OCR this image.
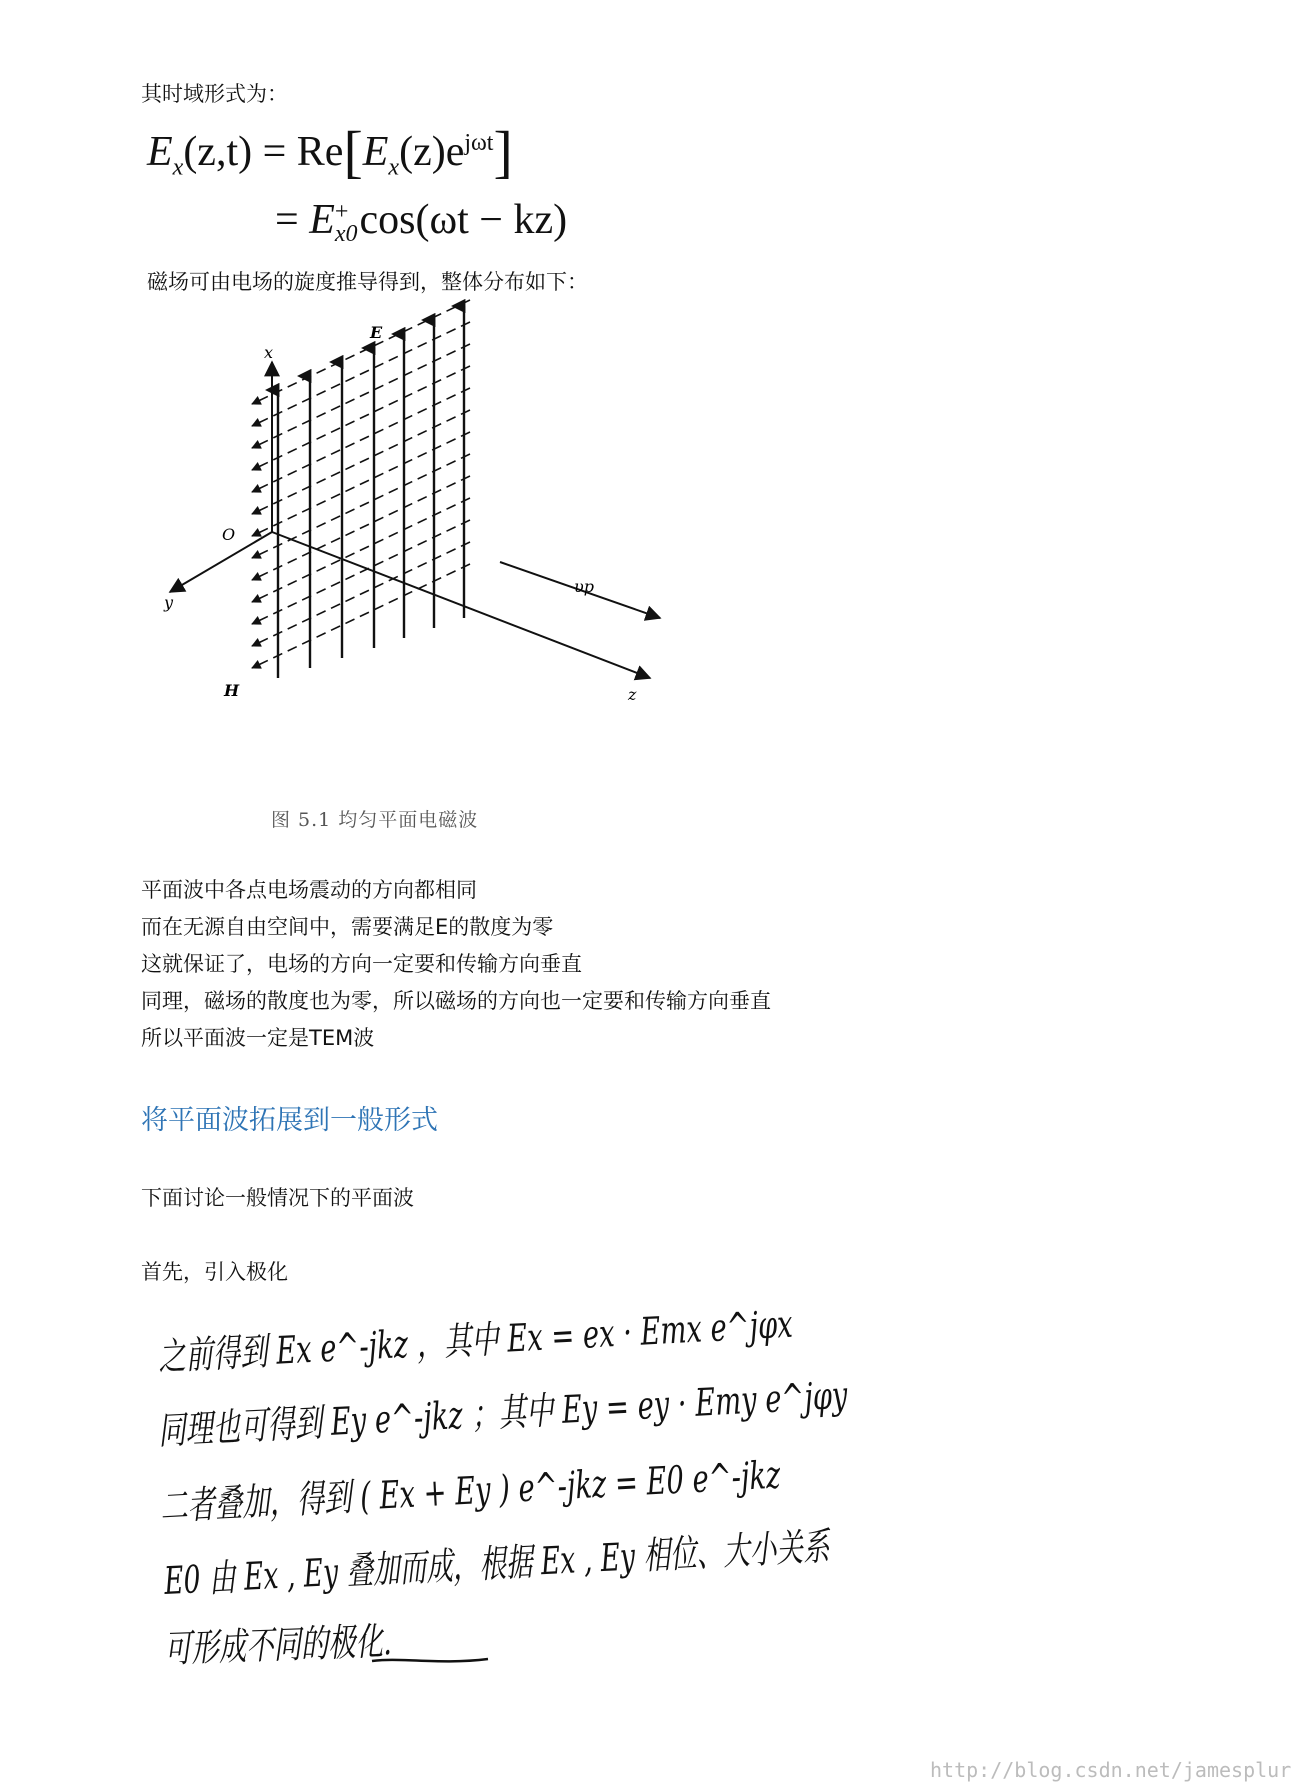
其时域形式为：
$E_x(z,t) = Re[E_x(z)e^{j\omega t}]$
= E +
x0 cos(ωt − kz)
磁场可由电场的旋度推导得到，整体分布如下：
x
E
O
y
υp
z
H
图 5.1 均匀平面电磁波
平面波中各点电场震动的方向都相同
而在无源自由空间中，需要满足E的散度为零
这就保证了，电场的方向一定要和传输方向垂直
同理，磁场的散度也为零，所以磁场的方向也一定要和传输方向垂直
所以平面波一定是TEM波
将平面波拓展到一般形式
下面讨论一般情况下的平面波
首先，引入极化
之前得到 Ex e^-jkz ，其中 Ex = ex · Emx e^jφx
同理也可得到 Ey e^-jkz ；其中 Ey = ey · Emy e^jφy
二者叠加，得到 ( Ex + Ey ) e^-jkz = E0 e^-jkz
E0 由 Ex , Ey 叠加而成，根据 Ex , Ey 相位、大小关系
可形成不同的极化.
http://blog.csdn.net/jamesplur
